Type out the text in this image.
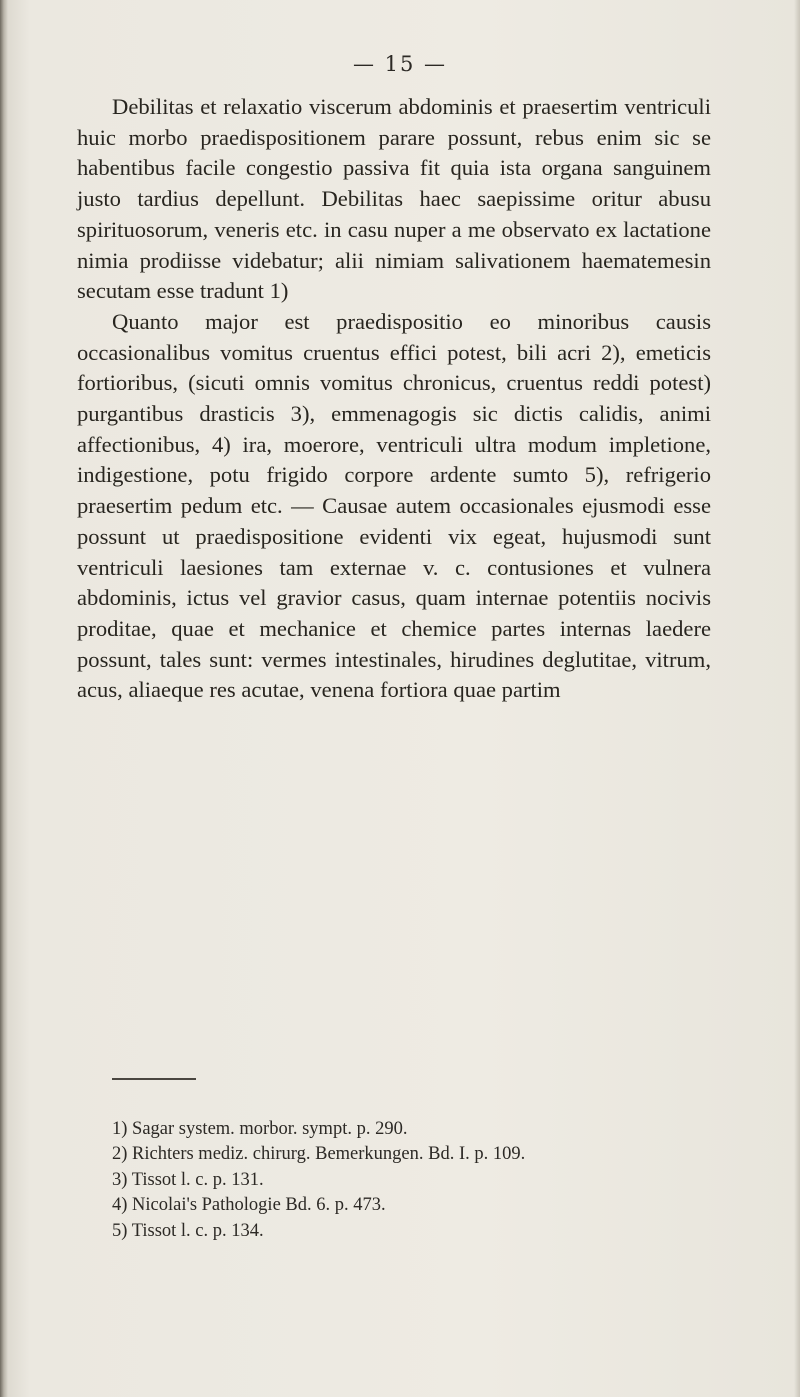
— 15 —

Debilitas et relaxatio viscerum abdominis et praesertim ventriculi huic morbo praedispositionem parare possunt, rebus enim sic se habentibus facile congestio passiva fit quia ista organa sanguinem justo tardius depellunt. Debilitas haec saepissime oritur abusu spirituosorum, veneris etc. in casu nuper a me observato ex lactatione nimia prodiisse videbatur; alii nimiam salivationem haematemesin secutam esse tradunt 1)

Quanto major est praedispositio eo minoribus causis occasionalibus vomitus cruentus effici potest, bili acri 2), emeticis fortioribus, (sicuti omnis vomitus chronicus, cruentus reddi potest) purgantibus drasticis 3), emmenagogis sic dictis calidis, animi affectionibus, 4) ira, moerore, ventriculi ultra modum impletione, indigestione, potu frigido corpore ardente sumto 5), refrigerio praesertim pedum etc. — Causae autem occasionales ejusmodi esse possunt ut praedispositione evidenti vix egeat, hujusmodi sunt ventriculi laesiones tam externae v. c. contusiones et vulnera abdominis, ictus vel gravior casus, quam internae potentiis nocivis proditae, quae et mechanice et chemice partes internas laedere possunt, tales sunt: vermes intestinales, hirudines deglutitae, vitrum, acus, aliaeque res acutae, venena fortiora quae partim

1) Sagar system. morbor. sympt. p. 290.
2) Richters mediz. chirurg. Bemerkungen. Bd. I. p. 109.
3) Tissot l. c. p. 131.
4) Nicolai's Pathologie Bd. 6. p. 473.
5) Tissot l. c. p. 134.
